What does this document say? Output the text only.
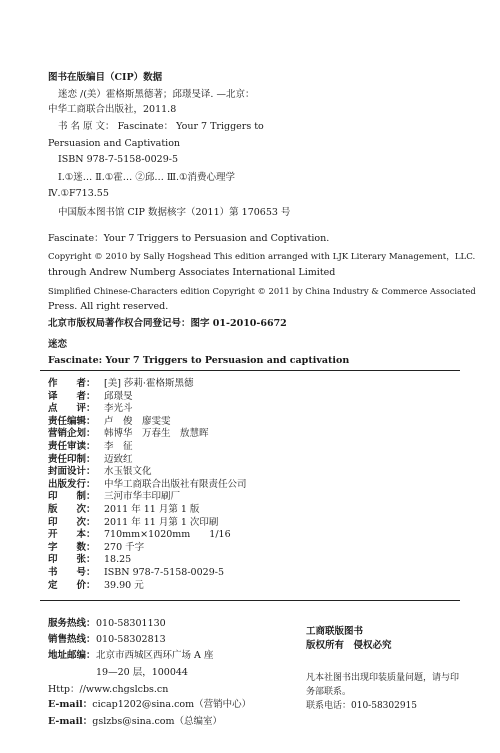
图书在版编目（CIP）数据
迷恋 /(美）霍格斯黑德著；邱璟旻译. —北京：
中华工商联合出版社，2011.8
书 名 原 文： Fascinate： Your 7 Triggers to
Persuasion and Captivation
ISBN 978-7-5158-0029-5
Ⅰ.①迷… Ⅱ.①霍… ②邱… Ⅲ.①消费心理学
Ⅳ.①F713.55
中国版本图书馆 CIP 数据核字（2011）第 170653 号
Fascinate：Your 7 Triggers to Persuasion and Coptivation.
Copyright © 2010 by Sally Hogshead This edition arranged with LJK Literary Management，LLC.
through Andrew Numberg Associates International Limited
Simplified Chinese-Characters edition Copyright © 2011 by China Industry & Commerce Associated
Press. All right reserved.
北京市版权局著作权合同登记号：图字 01-2010-6672
迷恋
Fascinate: Your 7 Triggers to Persuasion and captivation
作　　者： [美] 莎莉·霍格斯黑德
译　　者： 邱璟旻
点　　评： 李光斗
责任编辑： 卢　俊　廖雯雯
营销企划： 韩博华　万春生　敖慧晖
责任审读： 李　征
责任印制： 迈致红
封面设计： 水玉银文化
出版发行： 中华工商联合出版社有限责任公司
印　　制： 三河市华丰印刷厂
版　　次： 2011 年 11 月第 1 版
印　　次： 2011 年 11 月第 1 次印刷
开　　本： 710mm×1020mm　　1/16
字　　数： 270 千字
印　　张： 18.25
书　　号： ISBN 978-7-5158-0029-5
定　　价： 39.90 元
服务热线：010-58301130
销售热线：010-58302813
地址邮编：北京市西城区西环广场 A 座
19—20 层，100044
Http：//www.chgslcbs.cn
E-mail：cicap1202@sina.com（营销中心）
E-mail：gslzbs@sina.com（总编室）
工商联版图书
版权所有　侵权必究
凡本社图书出现印装质量问题，请与印
务部联系。
联系电话：010-58302915
